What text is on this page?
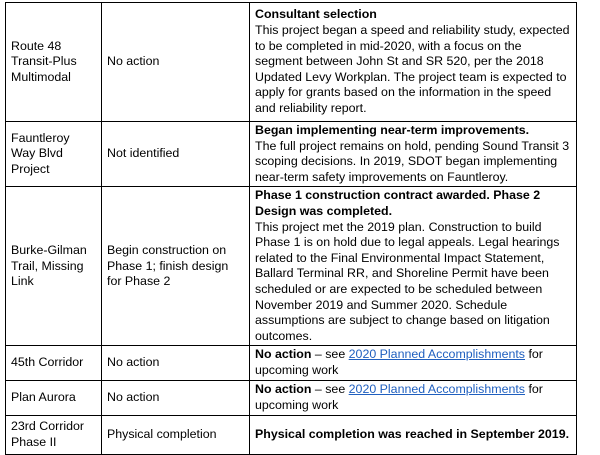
Route 48 Transit-Plus Multimodal	No action	Consultant selection
This project began a speed and reliability study, expected to be completed in mid-2020, with a focus on the segment between John St and SR 520, per the 2018 Updated Levy Workplan. The project team is expected to apply for grants based on the information in the speed and reliability report.

Fauntleroy Way Blvd Project	Not identified	Began implementing near-term improvements.
The full project remains on hold, pending Sound Transit 3 scoping decisions. In 2019, SDOT began implementing near-term safety improvements on Fauntleroy.

Burke-Gilman Trail, Missing Link	Begin construction on Phase 1; finish design for Phase 2	Phase 1 construction contract awarded. Phase 2 Design was completed.
This project met the 2019 plan. Construction to build Phase 1 is on hold due to legal appeals. Legal hearings related to the Final Environmental Impact Statement, Ballard Terminal RR, and Shoreline Permit have been scheduled or are expected to be scheduled between November 2019 and Summer 2020. Schedule assumptions are subject to change based on litigation outcomes.

45th Corridor	No action	No action – see 2020 Planned Accomplishments for upcoming work
Plan Aurora	No action	No action – see 2020 Planned Accomplishments for upcoming work
23rd Corridor Phase II	Physical completion	Physical completion was reached in September 2019.
